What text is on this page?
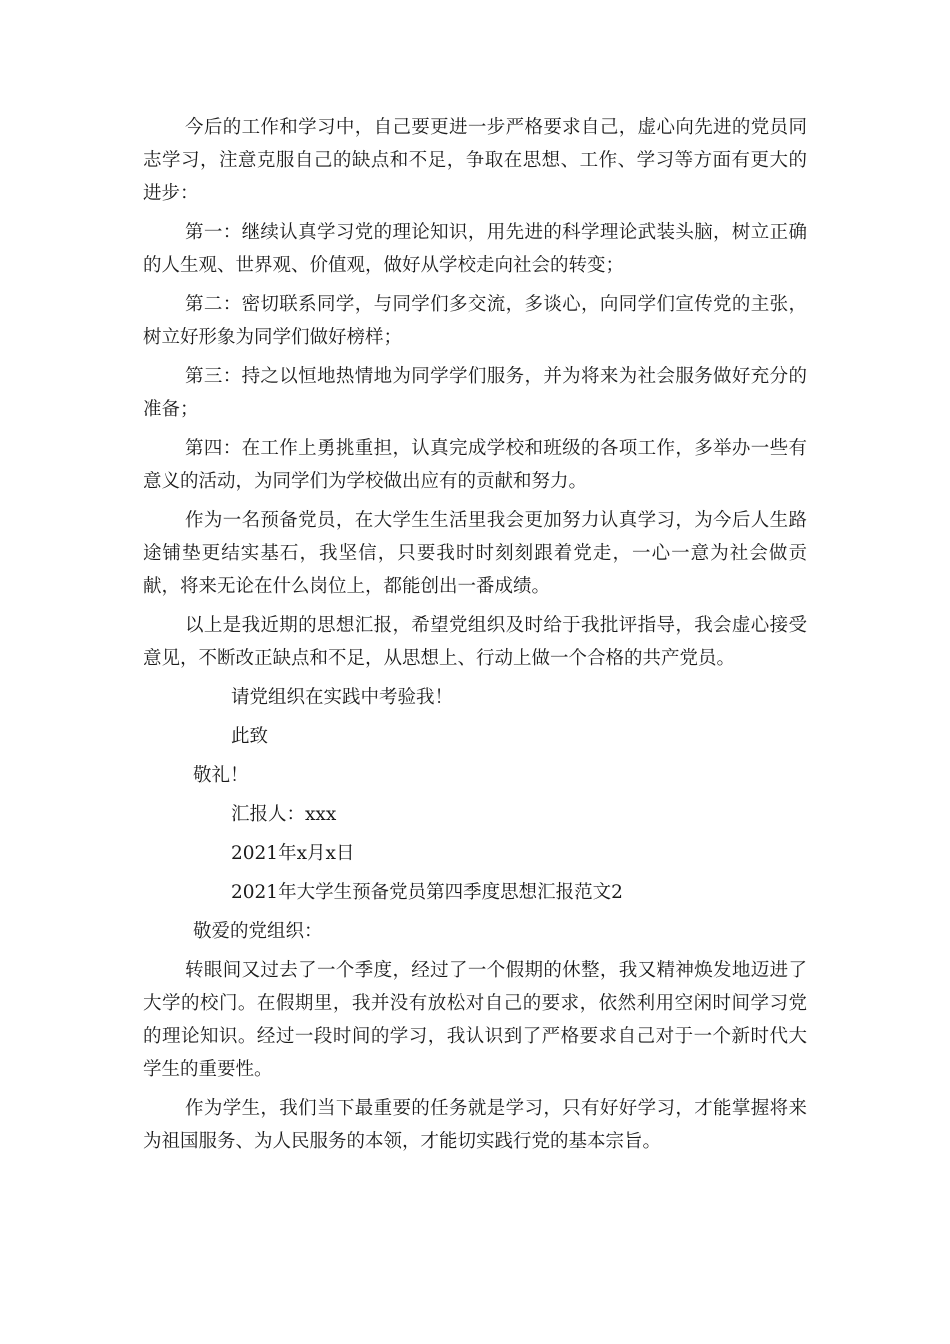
今后的工作和学习中，自己要更进一步严格要求自己，虚心向先进的党员同志学习，注意克服自己的缺点和不足，争取在思想、工作、学习等方面有更大的进步：

第一：继续认真学习党的理论知识，用先进的科学理论武装头脑，树立正确的人生观、世界观、价值观，做好从学校走向社会的转变；

第二：密切联系同学，与同学们多交流，多谈心，向同学们宣传党的主张，树立好形象为同学们做好榜样；

第三：持之以恒地热情地为同学学们服务，并为将来为社会服务做好充分的准备；

第四：在工作上勇挑重担，认真完成学校和班级的各项工作，多举办一些有意义的活动，为同学们为学校做出应有的贡献和努力。

作为一名预备党员，在大学生生活里我会更加努力认真学习，为今后人生路途铺垫更结实基石，我坚信，只要我时时刻刻跟着党走，一心一意为社会做贡献，将来无论在什么岗位上，都能创出一番成绩。

以上是我近期的思想汇报，希望党组织及时给于我批评指导，我会虚心接受意见，不断改正缺点和不足，从思想上、行动上做一个合格的共产党员。

请党组织在实践中考验我！

此致

敬礼！

汇报人：xxx

2021年x月x日

2021年大学生预备党员第四季度思想汇报范文2

敬爱的党组织：

转眼间又过去了一个季度，经过了一个假期的休整，我又精神焕发地迈进了大学的校门。在假期里，我并没有放松对自己的要求，依然利用空闲时间学习党的理论知识。经过一段时间的学习，我认识到了严格要求自己对于一个新时代大学生的重要性。

作为学生，我们当下最重要的任务就是学习，只有好好学习，才能掌握将来为祖国服务、为人民服务的本领，才能切实践行党的基本宗旨。
